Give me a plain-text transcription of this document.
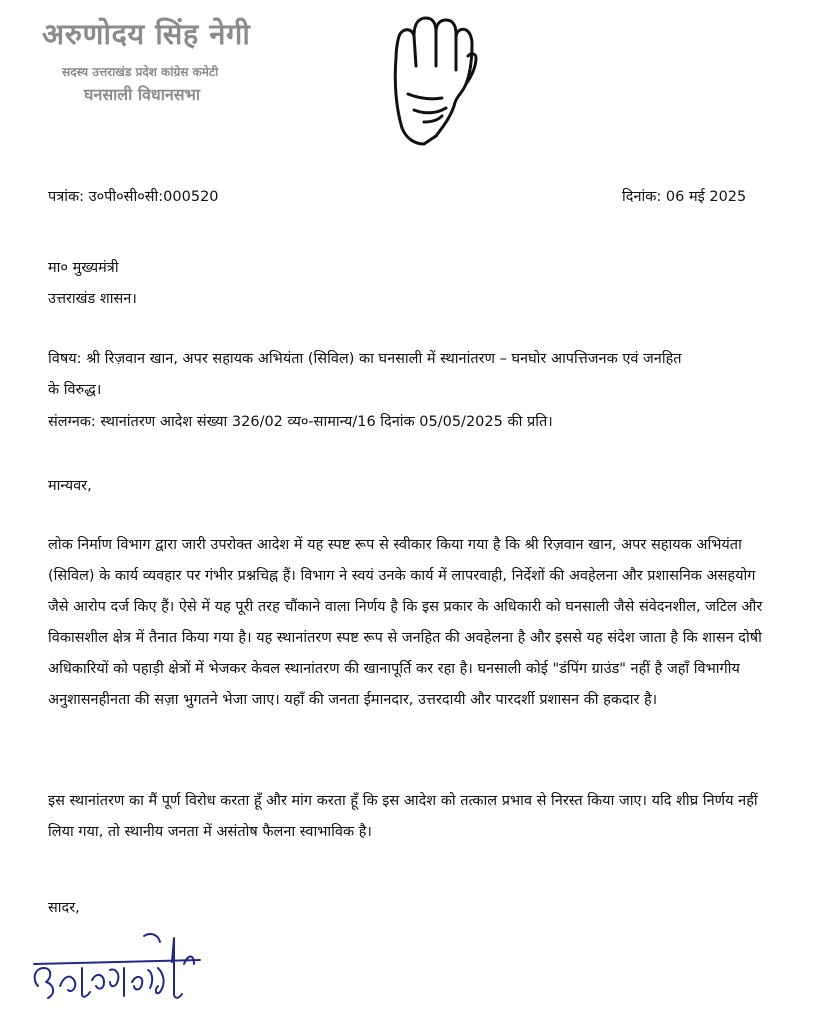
अरुणोदय सिंह नेगी
सदस्य उत्तराखंड प्रदेश कांग्रेस कमेटी
घनसाली विधानसभा
पत्रांक: उ०पी०सी०सी:000520	दिनांक: 06 मई 2025
मा० मुख्यमंत्री
उत्तराखंड शासन।
विषय: श्री रिज़वान खान, अपर सहायक अभियंता (सिविल) का घनसाली में स्थानांतरण – घनघोर आपत्तिजनक एवं जनहित
के विरुद्ध।
संलग्नक: स्थानांतरण आदेश संख्या 326/02 व्य०-सामान्य/16 दिनांक 05/05/2025 की प्रति।
मान्यवर,
लोक निर्माण विभाग द्वारा जारी उपरोक्त आदेश में यह स्पष्ट रूप से स्वीकार किया गया है कि श्री रिज़वान खान, अपर सहायक अभियंता (सिविल) के कार्य व्यवहार पर गंभीर प्रश्नचिह्न हैं। विभाग ने स्वयं उनके कार्य में लापरवाही, निर्देशों की अवहेलना और प्रशासनिक असहयोग जैसे आरोप दर्ज किए हैं। ऐसे में यह पूरी तरह चौंकाने वाला निर्णय है कि इस प्रकार के अधिकारी को घनसाली जैसे संवेदनशील, जटिल और विकासशील क्षेत्र में तैनात किया गया है। यह स्थानांतरण स्पष्ट रूप से जनहित की अवहेलना है और इससे यह संदेश जाता है कि शासन दोषी अधिकारियों को पहाड़ी क्षेत्रों में भेजकर केवल स्थानांतरण की खानापूर्ति कर रहा है। घनसाली कोई "डंपिंग ग्राउंड" नहीं है जहाँ विभागीय अनुशासनहीनता की सज़ा भुगतने भेजा जाए। यहाँ की जनता ईमानदार, उत्तरदायी और पारदर्शी प्रशासन की हकदार है।
इस स्थानांतरण का मैं पूर्ण विरोध करता हूँ और मांग करता हूँ कि इस आदेश को तत्काल प्रभाव से निरस्त किया जाए। यदि शीघ्र निर्णय नहीं लिया गया, तो स्थानीय जनता में असंतोष फैलना स्वाभाविक है।
सादर,
